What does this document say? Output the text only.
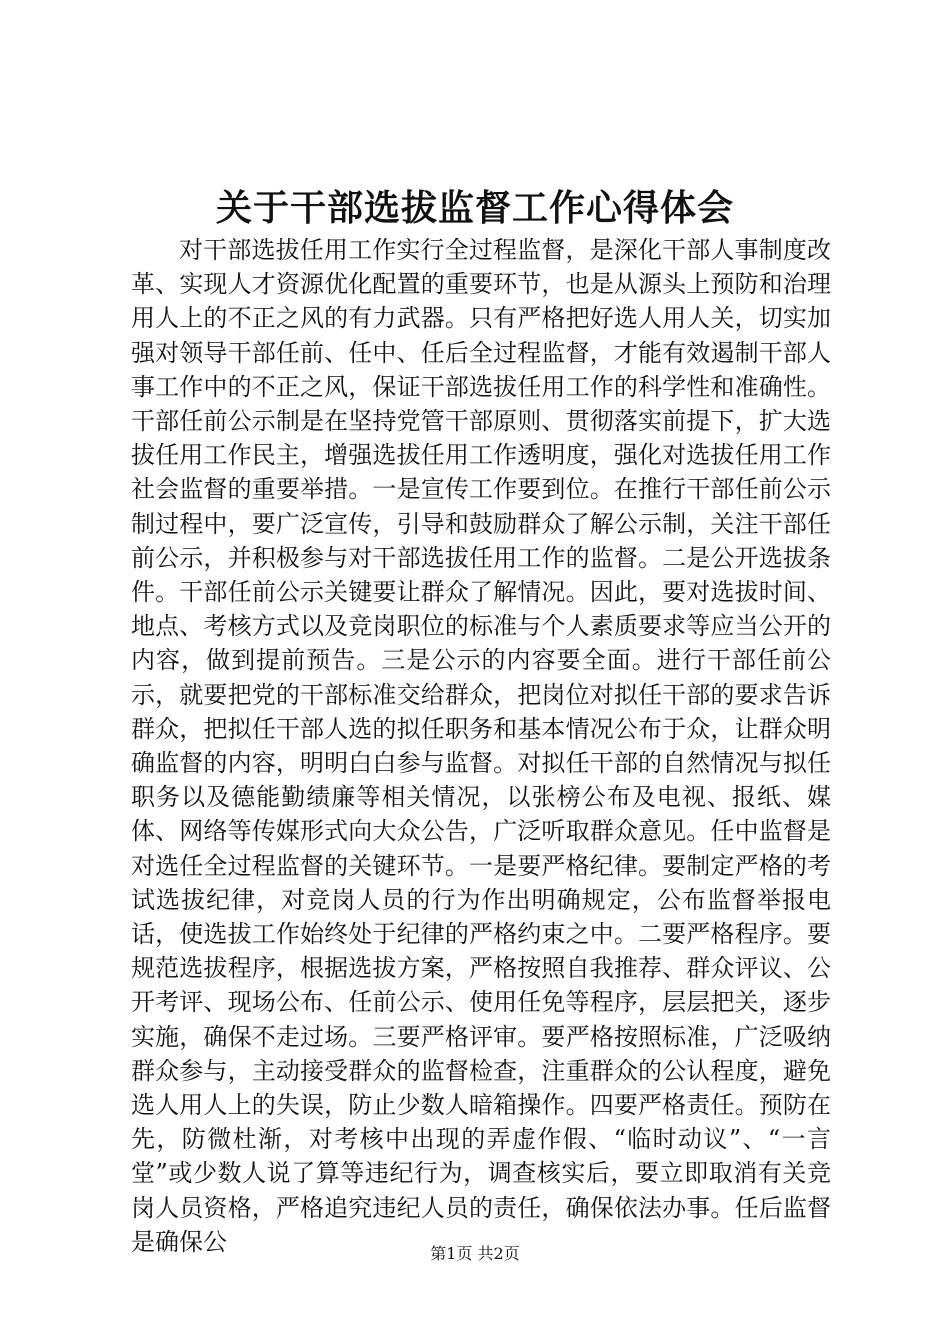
关于干部选拔监督工作心得体会

对干部选拔任用工作实行全过程监督，是深化干部人事制度改革、实现人才资源优化配置的重要环节，也是从源头上预防和治理用人上的不正之风的有力武器。只有严格把好选人用人关，切实加强对领导干部任前、任中、任后全过程监督，才能有效遏制干部人事工作中的不正之风，保证干部选拔任用工作的科学性和准确性。干部任前公示制是在坚持党管干部原则、贯彻落实前提下，扩大选拔任用工作民主，增强选拔任用工作透明度，强化对选拔任用工作社会监督的重要举措。一是宣传工作要到位。在推行干部任前公示制过程中，要广泛宣传，引导和鼓励群众了解公示制，关注干部任前公示，并积极参与对干部选拔任用工作的监督。二是公开选拔条件。干部任前公示关键要让群众了解情况。因此，要对选拔时间、地点、考核方式以及竞岗职位的标准与个人素质要求等应当公开的内容，做到提前预告。三是公示的内容要全面。进行干部任前公示，就要把党的干部标准交给群众，把岗位对拟任干部的要求告诉群众，把拟任干部人选的拟任职务和基本情况公布于众，让群众明确监督的内容，明明白白参与监督。对拟任干部的自然情况与拟任职务以及德能勤绩廉等相关情况，以张榜公布及电视、报纸、媒体、网络等传媒形式向大众公告，广泛听取群众意见。任中监督是对选任全过程监督的关键环节。一是要严格纪律。要制定严格的考试选拔纪律，对竞岗人员的行为作出明确规定，公布监督举报电话，使选拔工作始终处于纪律的严格约束之中。二要严格程序。要规范选拔程序，根据选拔方案，严格按照自我推荐、群众评议、公开考评、现场公布、任前公示、使用任免等程序，层层把关，逐步实施，确保不走过场。三要严格评审。要严格按照标准，广泛吸纳群众参与，主动接受群众的监督检查，注重群众的公认程度，避免选人用人上的失误，防止少数人暗箱操作。四要严格责任。预防在先，防微杜渐，对考核中出现的弄虚作假、“临时动议”、“一言堂”或少数人说了算等违纪行为，调查核实后，要立即取消有关竞岗人员资格，严格追究违纪人员的责任，确保依法办事。任后监督是确保公	第1页 共2页
